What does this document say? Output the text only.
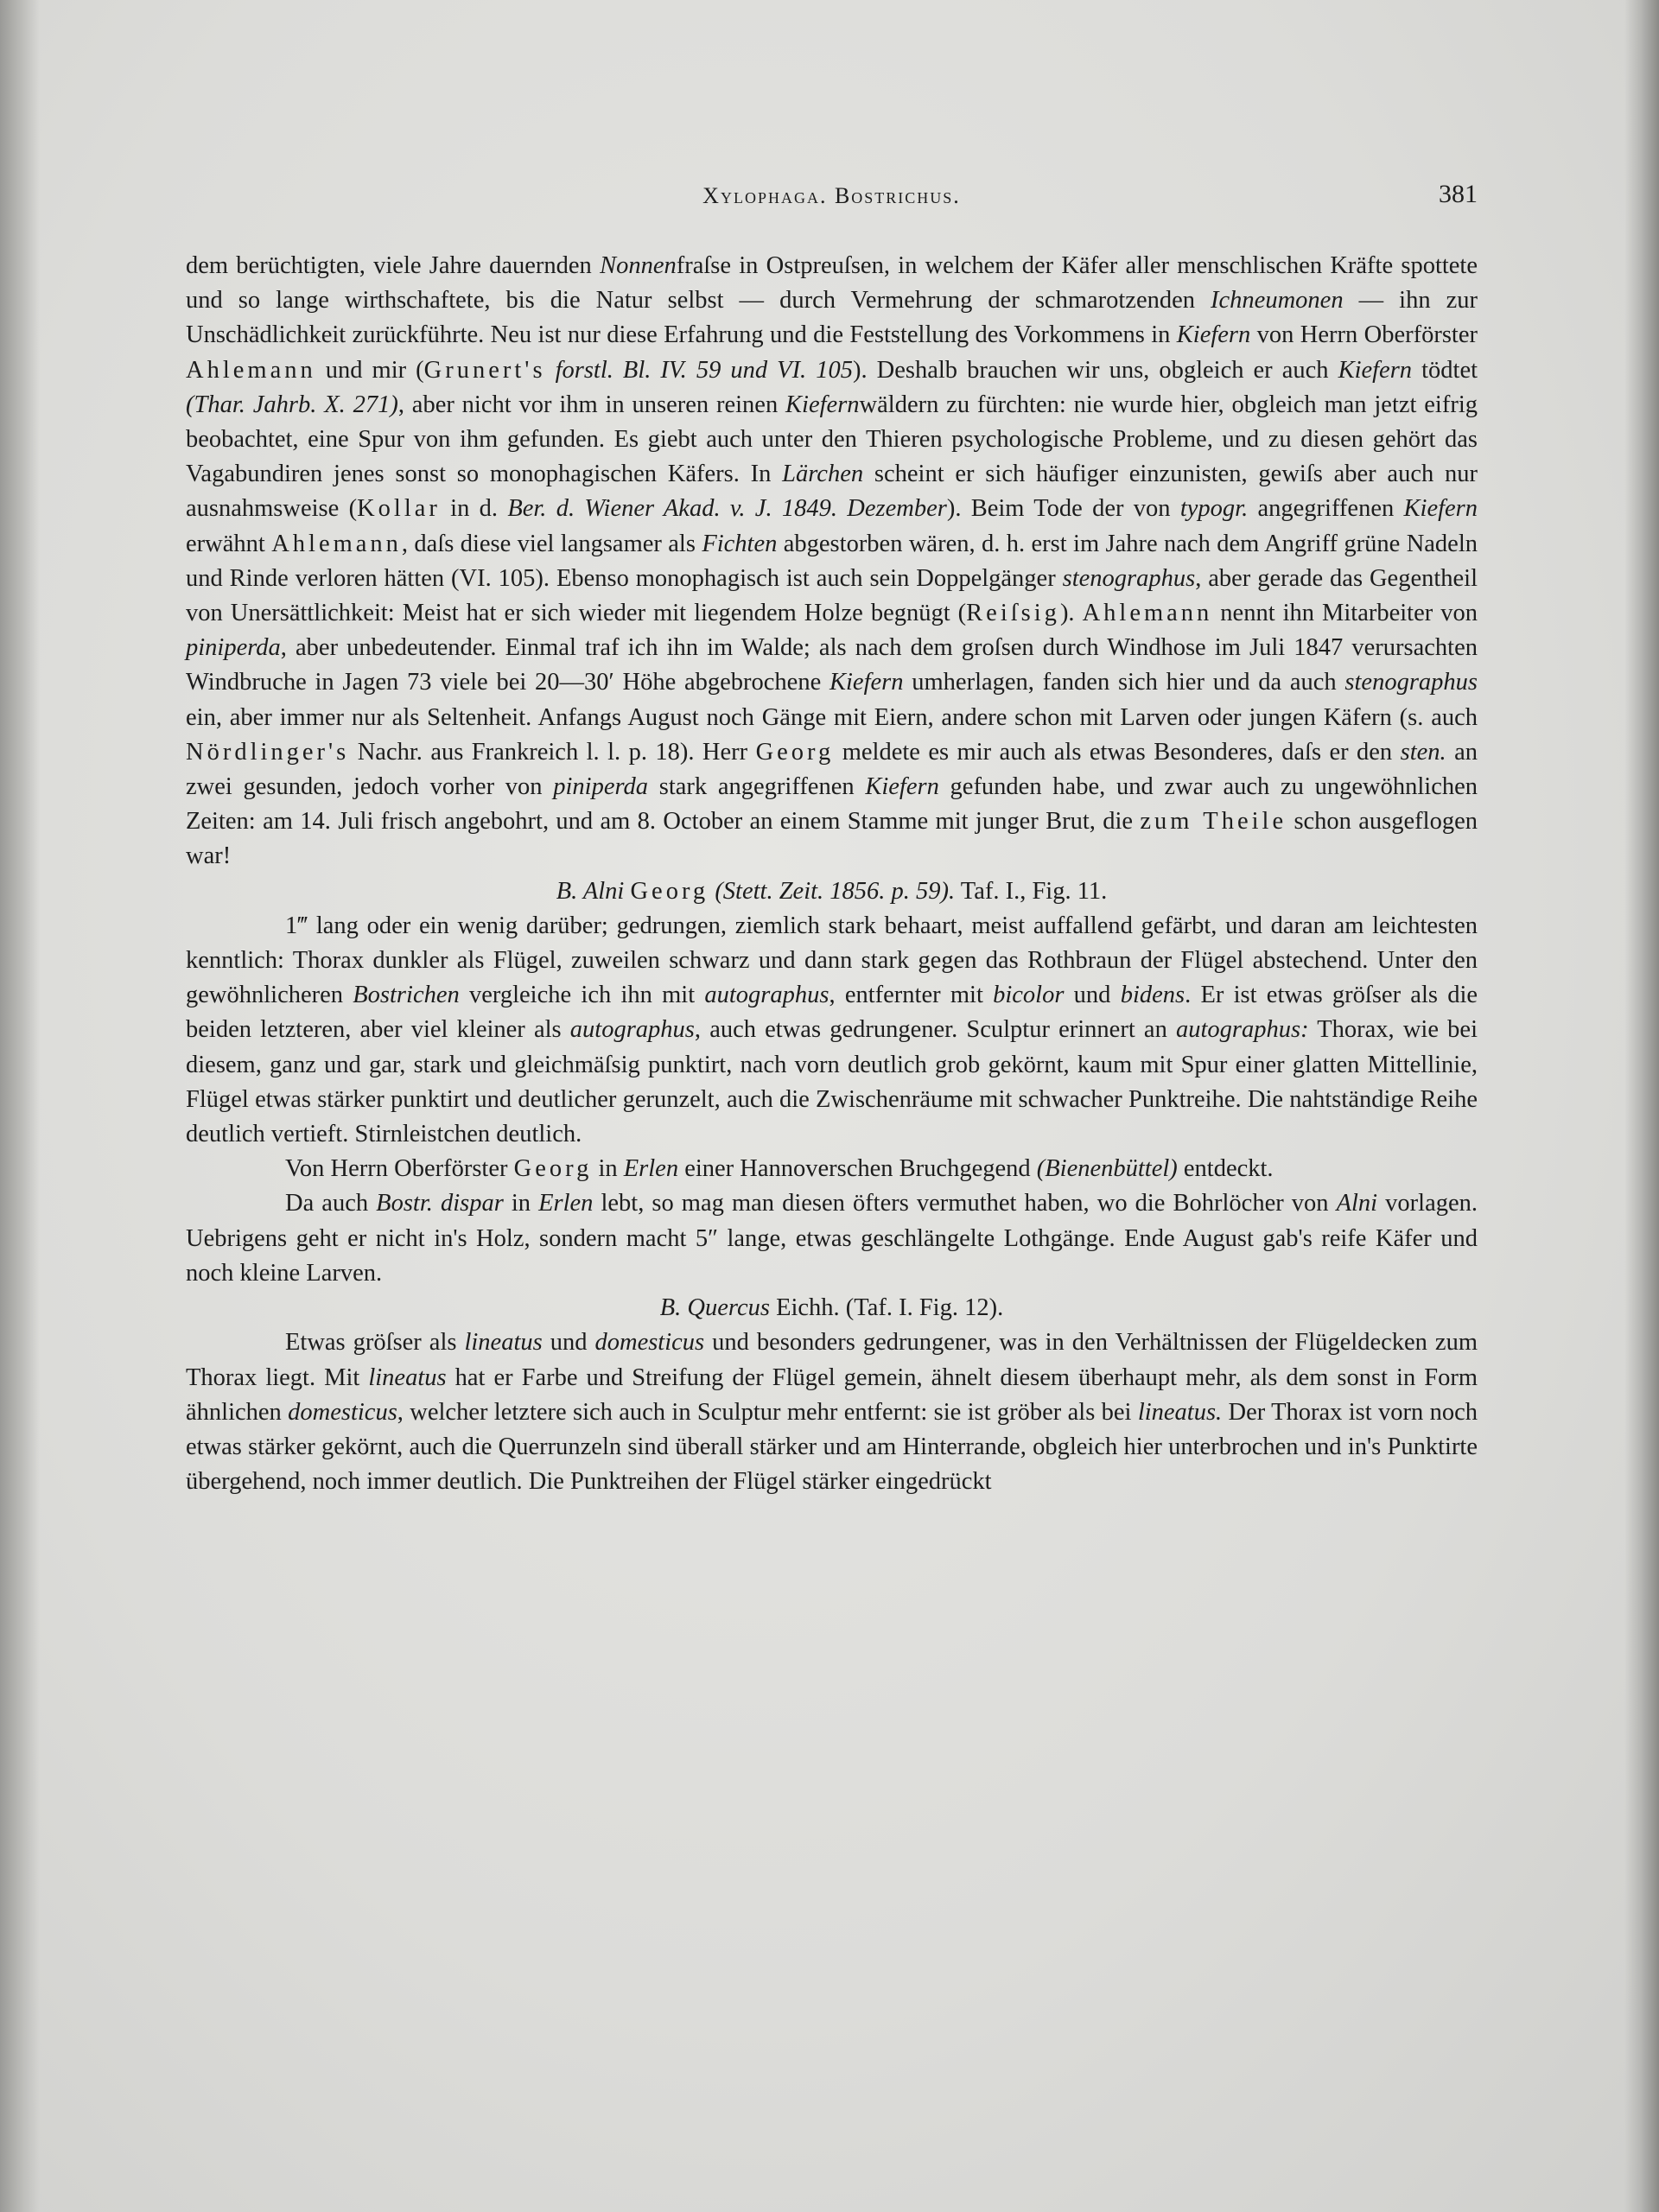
Xylophaga. Bostrichus.	381

dem berüchtigten, viele Jahre dauernden Nonnenfraſse in Ostpreuſsen, in welchem der Käfer aller menschlischen Kräfte spottete und so lange wirthschaftete, bis die Natur selbst — durch Vermehrung der schmarotzenden Ichneumonen — ihn zur Unschädlichkeit zurückführte. Neu ist nur diese Erfahrung und die Feststellung des Vorkommens in Kiefern von Herrn Oberförster Ahlemann und mir (Grunert's forstl. Bl. IV. 59 und VI. 105). Deshalb brauchen wir uns, obgleich er auch Kiefern tödtet (Thar. Jahrb. X. 271), aber nicht vor ihm in unseren reinen Kiefernwäldern zu fürchten: nie wurde hier, obgleich man jetzt eifrig beobachtet, eine Spur von ihm gefunden. Es giebt auch unter den Thieren psychologische Probleme, und zu diesen gehört das Vagabundiren jenes sonst so monophagischen Käfers. In Lärchen scheint er sich häufiger einzunisten, gewiſs aber auch nur ausnahmsweise (Kollar in d. Ber. d. Wiener Akad. v. J. 1849. Dezember). Beim Tode der von typogr. angegriffenen Kiefern erwähnt Ahlemann, daſs diese viel langsamer als Fichten abgestorben wären, d. h. erst im Jahre nach dem Angriff grüne Nadeln und Rinde verloren hätten (VI. 105). Ebenso monophagisch ist auch sein Doppelgänger stenographus, aber gerade das Gegentheil von Unersättlichkeit: Meist hat er sich wieder mit liegendem Holze begnügt (Reiſsig). Ahlemann nennt ihn Mitarbeiter von piniperda, aber unbedeutender. Einmal traf ich ihn im Walde; als nach dem groſsen durch Windhose im Juli 1847 verursachten Windbruche in Jagen 73 viele bei 20—30′ Höhe abgebrochene Kiefern umherlagen, fanden sich hier und da auch stenographus ein, aber immer nur als Seltenheit. Anfangs August noch Gänge mit Eiern, andere schon mit Larven oder jungen Käfern (s. auch Nördlinger's Nachr. aus Frankreich l. l. p. 18). Herr Georg meldete es mir auch als etwas Besonderes, daſs er den sten. an zwei gesunden, jedoch vorher von piniperda stark angegriffenen Kiefern gefunden habe, und zwar auch zu ungewöhnlichen Zeiten: am 14. Juli frisch angebohrt, und am 8. October an einem Stamme mit junger Brut, die zum Theile schon ausgeflogen war!

B. Alni Georg (Stett. Zeit. 1856. p. 59). Taf. I., Fig. 11.

1‴ lang oder ein wenig darüber; gedrungen, ziemlich stark behaart, meist auffallend gefärbt, und daran am leichtesten kenntlich: Thorax dunkler als Flügel, zuweilen schwarz und dann stark gegen das Rothbraun der Flügel abstechend. Unter den gewöhnlicheren Bostrichen vergleiche ich ihn mit autographus, entfernter mit bicolor und bidens. Er ist etwas gröſser als die beiden letzteren, aber viel kleiner als autographus, auch etwas gedrungener. Sculptur erinnert an autographus: Thorax, wie bei diesem, ganz und gar, stark und gleichmäſsig punktirt, nach vorn deutlich grob gekörnt, kaum mit Spur einer glatten Mittellinie, Flügel etwas stärker punktirt und deutlicher gerunzelt, auch die Zwischenräume mit schwacher Punktreihe. Die nahtständige Reihe deutlich vertieft. Stirnleistchen deutlich.

Von Herrn Oberförster Georg in Erlen einer Hannoverschen Bruchgegend (Bienenbüttel) entdeckt.

Da auch Bostr. dispar in Erlen lebt, so mag man diesen öfters vermuthet haben, wo die Bohrlöcher von Alni vorlagen. Uebrigens geht er nicht in's Holz, sondern macht 5″ lange, etwas geschlängelte Lothgänge. Ende August gab's reife Käfer und noch kleine Larven.

B. Quercus Eichh. (Taf. I. Fig. 12).

Etwas gröſser als lineatus und domesticus und besonders gedrungener, was in den Verhältnissen der Flügeldecken zum Thorax liegt. Mit lineatus hat er Farbe und Streifung der Flügel gemein, ähnelt diesem überhaupt mehr, als dem sonst in Form ähnlichen domesticus, welcher letztere sich auch in Sculptur mehr entfernt: sie ist gröber als bei lineatus. Der Thorax ist vorn noch etwas stärker gekörnt, auch die Querrunzeln sind überall stärker und am Hinterrande, obgleich hier unterbrochen und in's Punktirte übergehend, noch immer deutlich. Die Punktreihen der Flügel stärker eingedrückt
